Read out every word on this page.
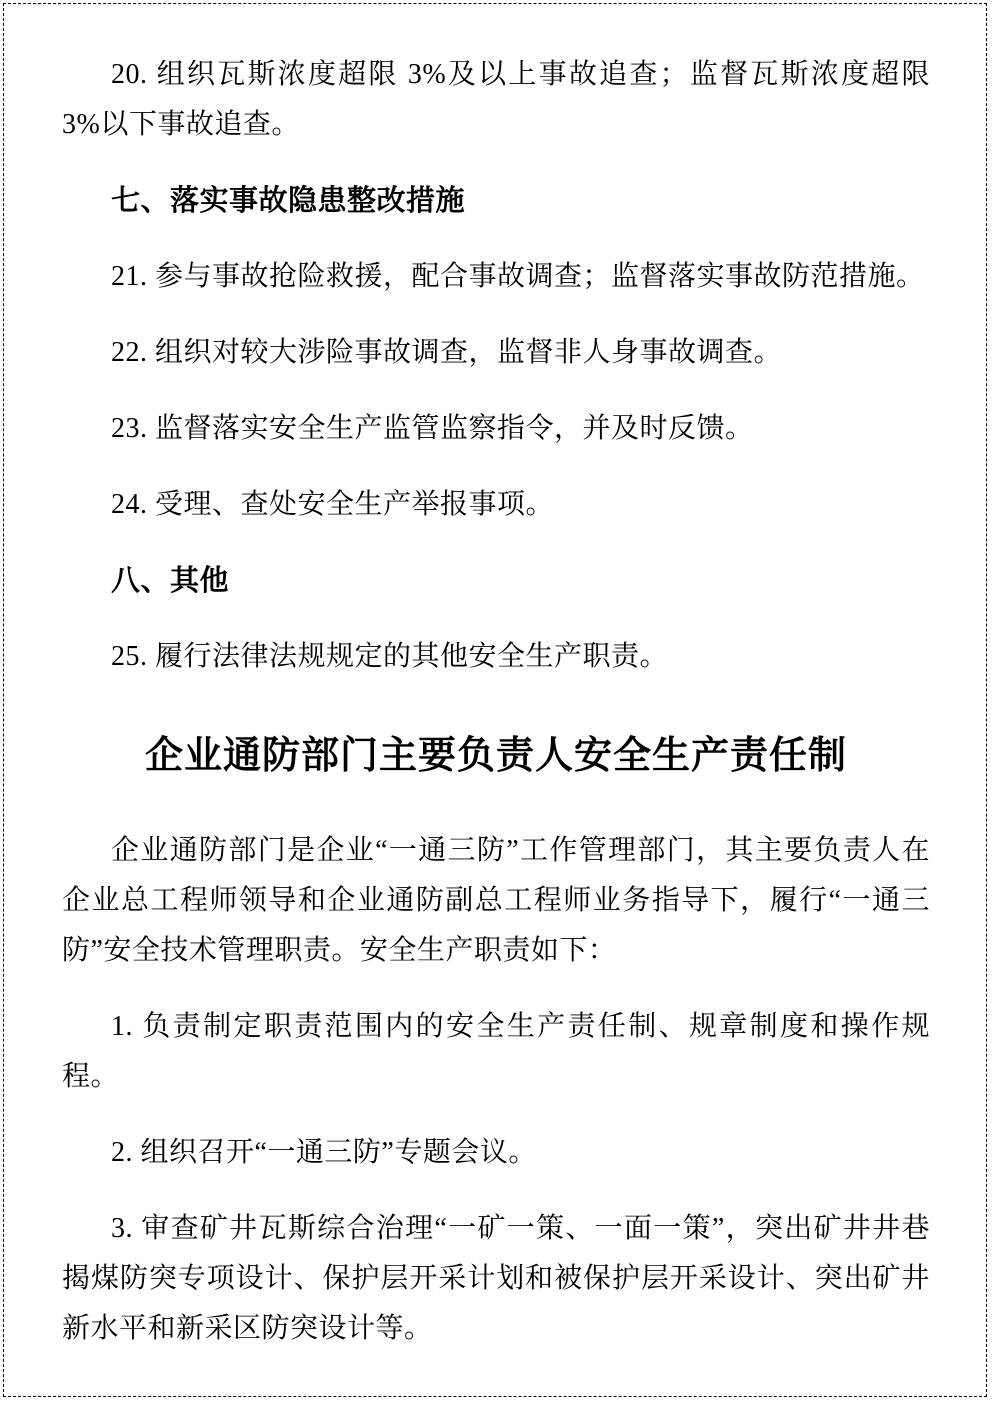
20. 组织瓦斯浓度超限 3%及以上事故追查；监督瓦斯浓度超限 3%以下事故追查。

七、落实事故隐患整改措施

21. 参与事故抢险救援，配合事故调查；监督落实事故防范措施。

22. 组织对较大涉险事故调查，监督非人身事故调查。

23. 监督落实安全生产监管监察指令，并及时反馈。

24. 受理、查处安全生产举报事项。

八、其他

25. 履行法律法规规定的其他安全生产职责。

企业通防部门主要负责人安全生产责任制

企业通防部门是企业“一通三防”工作管理部门，其主要负责人在企业总工程师领导和企业通防副总工程师业务指导下，履行“一通三防”安全技术管理职责。安全生产职责如下：

1. 负责制定职责范围内的安全生产责任制、规章制度和操作规程。

2. 组织召开“一通三防”专题会议。

3. 审查矿井瓦斯综合治理“一矿一策、一面一策”，突出矿井井巷揭煤防突专项设计、保护层开采计划和被保护层开采设计、突出矿井新水平和新采区防突设计等。
